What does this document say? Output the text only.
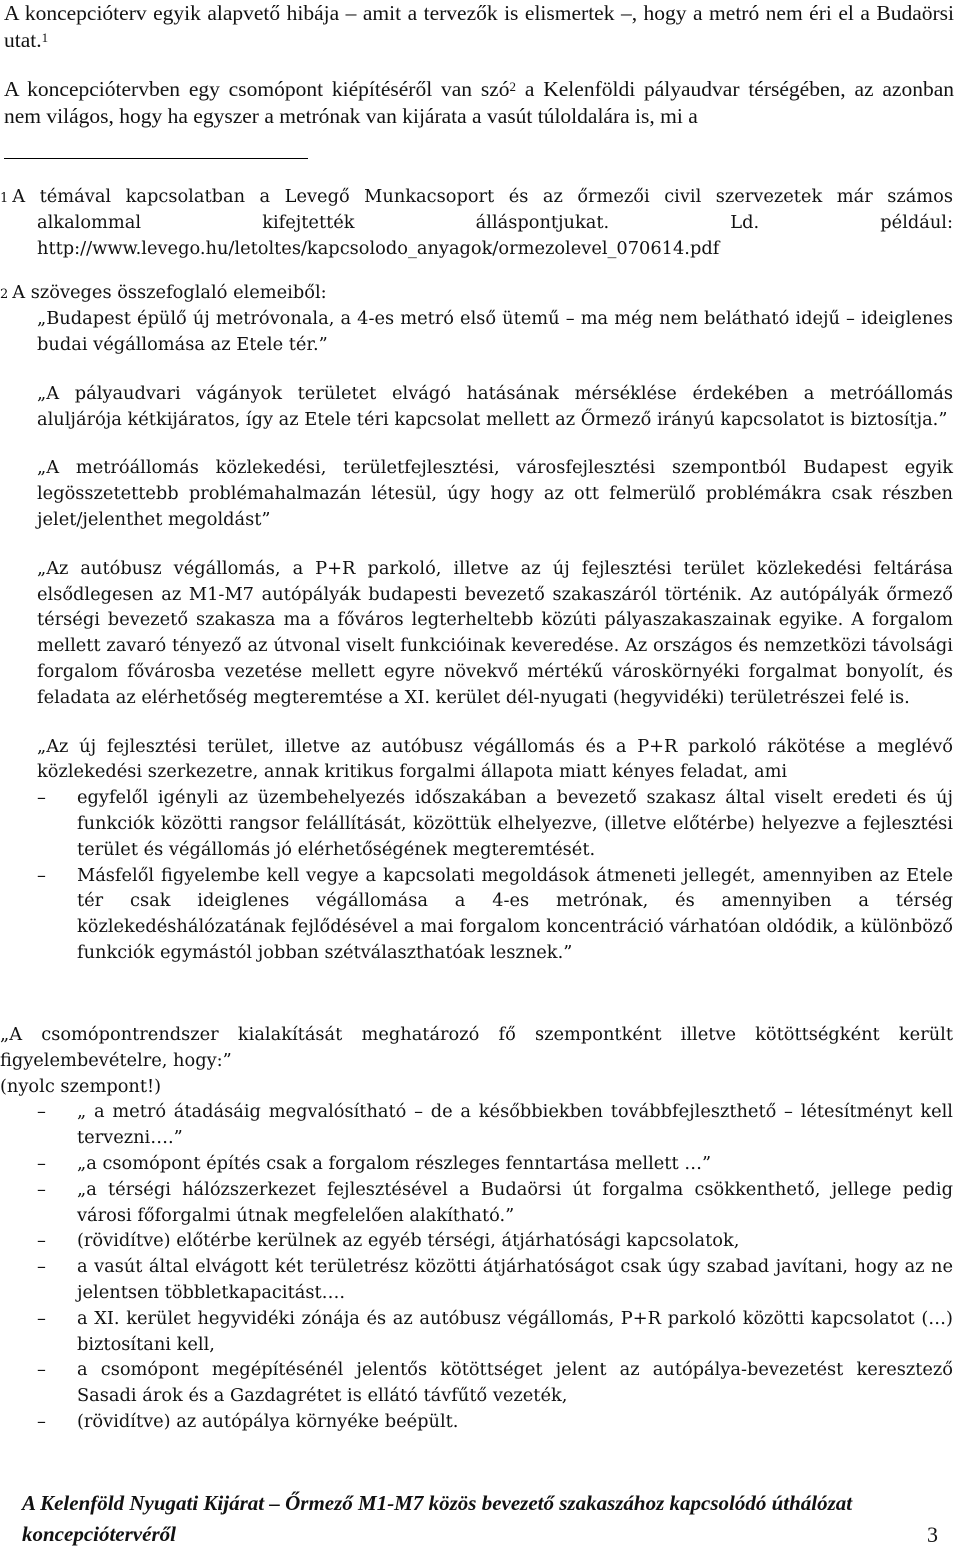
A koncepcióterv egyik alapvető hibája – amit a tervezők is elismertek –, hogy a metró nem éri el a Budaörsi utat.$^1$

A koncepciótervben egy csomópont kiépítéséről van szó$^2$ a Kelenföldi pályaudvar térségében, az azonban nem világos, hogy ha egyszer a metrónak van kijárata a vasút túloldalára is, mi a

$^1$ A témával kapcsolatban a Levegő Munkacsoport és az őrmezői civil szervezetek már számos alkalommal kifejtették álláspontjukat. Ld. például: http://www.levego.hu/letoltes/kapcsolodo_anyagok/ormezolevel_070614.pdf

$^2$ A szöveges összefoglaló elemeiből:

„Budapest épülő új metróvonala, a 4-es metró első ütemű – ma még nem belátható idejű – ideiglenes budai végállomása az Etele tér.”

„A pályaudvari vágányok területet elvágó hatásának mérséklése érdekében a metróállomás aluljárója kétkijáratos, így az Etele téri kapcsolat mellett az Őrmező irányú kapcsolatot is biztosítja.”

„A metróállomás közlekedési, területfejlesztési, városfejlesztési szempontból Budapest egyik legösszetettebb problémahalmazán létesül, úgy hogy az ott felmerülő problémákra csak részben jelet/jelenthet megoldást”

„Az autóbusz végállomás, a P+R parkoló, illetve az új fejlesztési terület közlekedési feltárása elsődlegesen az M1-M7 autópályák budapesti bevezető szakaszáról történik. Az autópályák őrmező térségi bevezető szakasza ma a főváros legterheltebb közúti pályaszakaszainak egyike. A forgalom mellett zavaró tényező az útvonal viselt funkcióinak keveredése. Az országos és nemzetközi távolsági forgalom fővárosba vezetése mellett egyre növekvő mértékű városkörnyéki forgalmat bonyolít, és feladata az elérhetőség megteremtése a XI. kerület dél-nyugati (hegyvidéki) területrészei felé is.

„Az új fejlesztési terület, illetve az autóbusz végállomás és a P+R parkoló rákötése a meglévő közlekedési szerkezetre, annak kritikus forgalmi állapota miatt kényes feladat, ami

– egyfelől igényli az üzembehelyezés időszakában a bevezető szakasz által viselt eredeti és új funkciók közötti rangsor felállítását, közöttük elhelyezve, (illetve előtérbe) helyezve a fejlesztési terület és végállomás jó elérhetőségének megteremtését.
– Másfelől figyelembe kell vegye a kapcsolati megoldások átmeneti jellegét, amennyiben az Etele tér csak ideiglenes végállomása a 4-es metrónak, és amennyiben a térség közlekedéshálózatának fejlődésével a mai forgalom koncentráció várhatóan oldódik, a különböző funkciók egymástól jobban szétválaszthatóak lesznek.”

„A csomópontrendszer kialakítását meghatározó fő szempontként illetve kötöttségként került figyelembevételre, hogy:”

(nyolc szempont!)

– „ a metró átadásáig megvalósítható – de a későbbiekben továbbfejleszthető – létesítményt kell tervezni….”
– „a csomópont építés csak a forgalom részleges fenntartása mellett …”
– „a térségi hálózszerkezet fejlesztésével a Budaörsi út forgalma csökkenthető, jellege pedig városi főforgalmi útnak megfelelően alakítható.”
– (rövidítve) előtérbe kerülnek az egyéb térségi, átjárhatósági kapcsolatok,
– a vasút által elvágott két területrész közötti átjárhatóságot csak úgy szabad javítani, hogy az ne jelentsen többletkapacitást….
– a XI. kerület hegyvidéki zónája és az autóbusz végállomás, P+R parkoló közötti kapcsolatot (…) biztosítani kell,
– a csomópont megépítésénél jelentős kötöttséget jelent az autópálya-bevezetést keresztező Sasadi árok és a Gazdagrétet is ellátó távfűtő vezeték,
– (rövidítve) az autópálya környéke beépült.
A Kelenföld Nyugati Kijárat – Őrmező M1-M7 közös bevezető szakaszához kapcsolódó úthálózat koncepciótervéről	3
